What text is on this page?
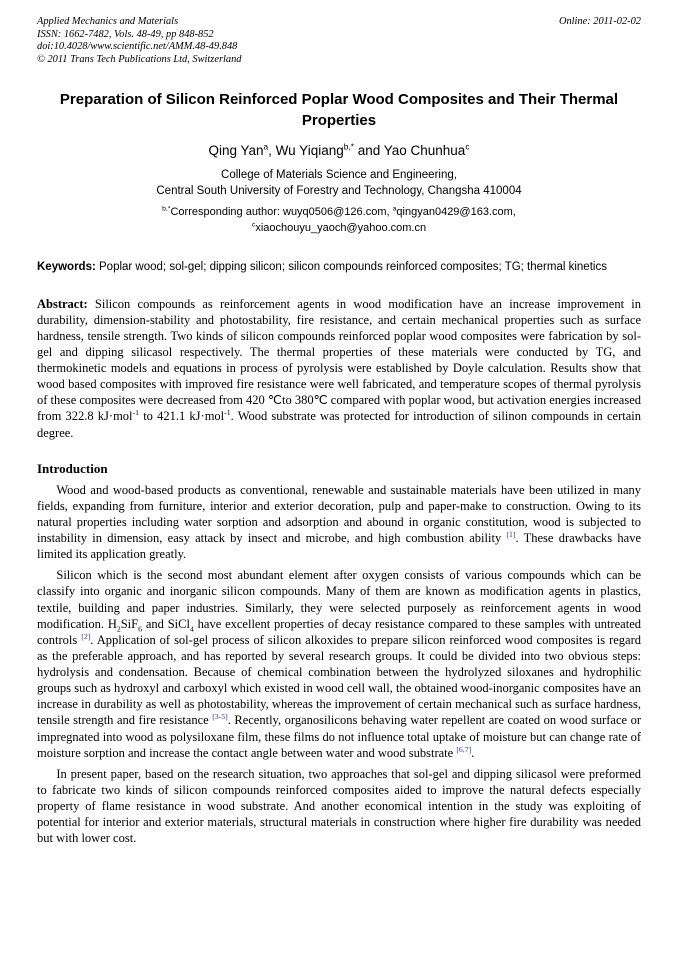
Applied Mechanics and Materials	Online: 2011-02-02
ISSN: 1662-7482, Vols. 48-49, pp 848-852
doi:10.4028/www.scientific.net/AMM.48-49.848
© 2011 Trans Tech Publications Ltd, Switzerland
Preparation of Silicon Reinforced Poplar Wood Composites and Their Thermal Properties
Qing Yan$^a$, Wu Yiqiang$^{b,*}$ and Yao Chunhua$^c$
College of Materials Science and Engineering,
Central South University of Forestry and Technology, Changsha 410004
$^{b,*}$Corresponding author: wuyq0506@126.com, $^a$qingyan0429@163.com,
$^c$xiaochouyu_yaoch@yahoo.com.cn
Keywords: Poplar wood; sol-gel; dipping silicon; silicon compounds reinforced composites; TG; thermal kinetics
Abstract: Silicon compounds as reinforcement agents in wood modification have an increase improvement in durability, dimension-stability and photostability, fire resistance, and certain mechanical properties such as surface hardness, tensile strength. Two kinds of silicon compounds reinforced poplar wood composites were fabrication by sol-gel and dipping silicasol respectively. The thermal properties of these materials were conducted by TG, and thermokinetic models and equations in process of pyrolysis were established by Doyle calculation. Results show that wood based composites with improved fire resistance were well fabricated, and temperature scopes of thermal pyrolysis of these composites were decreased from 420 ℃to 380℃ compared with poplar wood, but activation energies increased from 322.8 kJ·mol$^{-1}$ to 421.1 kJ·mol$^{-1}$. Wood substrate was protected for introduction of silinon compounds in certain degree.
Introduction

Wood and wood-based products as conventional, renewable and sustainable materials have been utilized in many fields, expanding from furniture, interior and exterior decoration, pulp and paper-make to construction. Owing to its natural properties including water sorption and adsorption and abound in organic constitution, wood is subjected to instability in dimension, easy attack by insect and microbe, and high combustion ability [1]. These drawbacks have limited its application greatly.

Silicon which is the second most abundant element after oxygen consists of various compounds which can be classify into organic and inorganic silicon compounds. Many of them are known as modification agents in plastics, textile, building and paper industries. Similarly, they were selected purposely as reinforcement agents in wood modification. $H_2SiF_6$ and SiCl$_4$ have excellent properties of decay resistance compared to these samples with untreated controls [2]. Application of sol-gel process of silicon alkoxides to prepare silicon reinforced wood composites is regard as the preferable approach, and has reported by several research groups. It could be divided into two obvious steps: hydrolysis and condensation. Because of chemical combination between the hydrolyzed siloxanes and hydrophilic groups such as hydroxyl and carboxyl which existed in wood cell wall, the obtained wood-inorganic composites have an increase in durability as well as photostability, whereas the improvement of certain mechanical such as surface hardness, tensile strength and fire resistance [3-5]. Recently, organosilicons behaving water repellent are coated on wood surface or impregnated into wood as polysiloxane film, these films do not influence total uptake of moisture but can change rate of moisture sorption and increase the contact angle between water and wood substrate [6,7].

In present paper, based on the research situation, two approaches that sol-gel and dipping silicasol were preformed to fabricate two kinds of silicon compounds reinforced composites aided to improve the natural defects especially property of flame resistance in wood substrate. And another economical intention in the study was exploiting of potential for interior and exterior materials, structural materials in construction where higher fire durability was needed but with lower cost.
